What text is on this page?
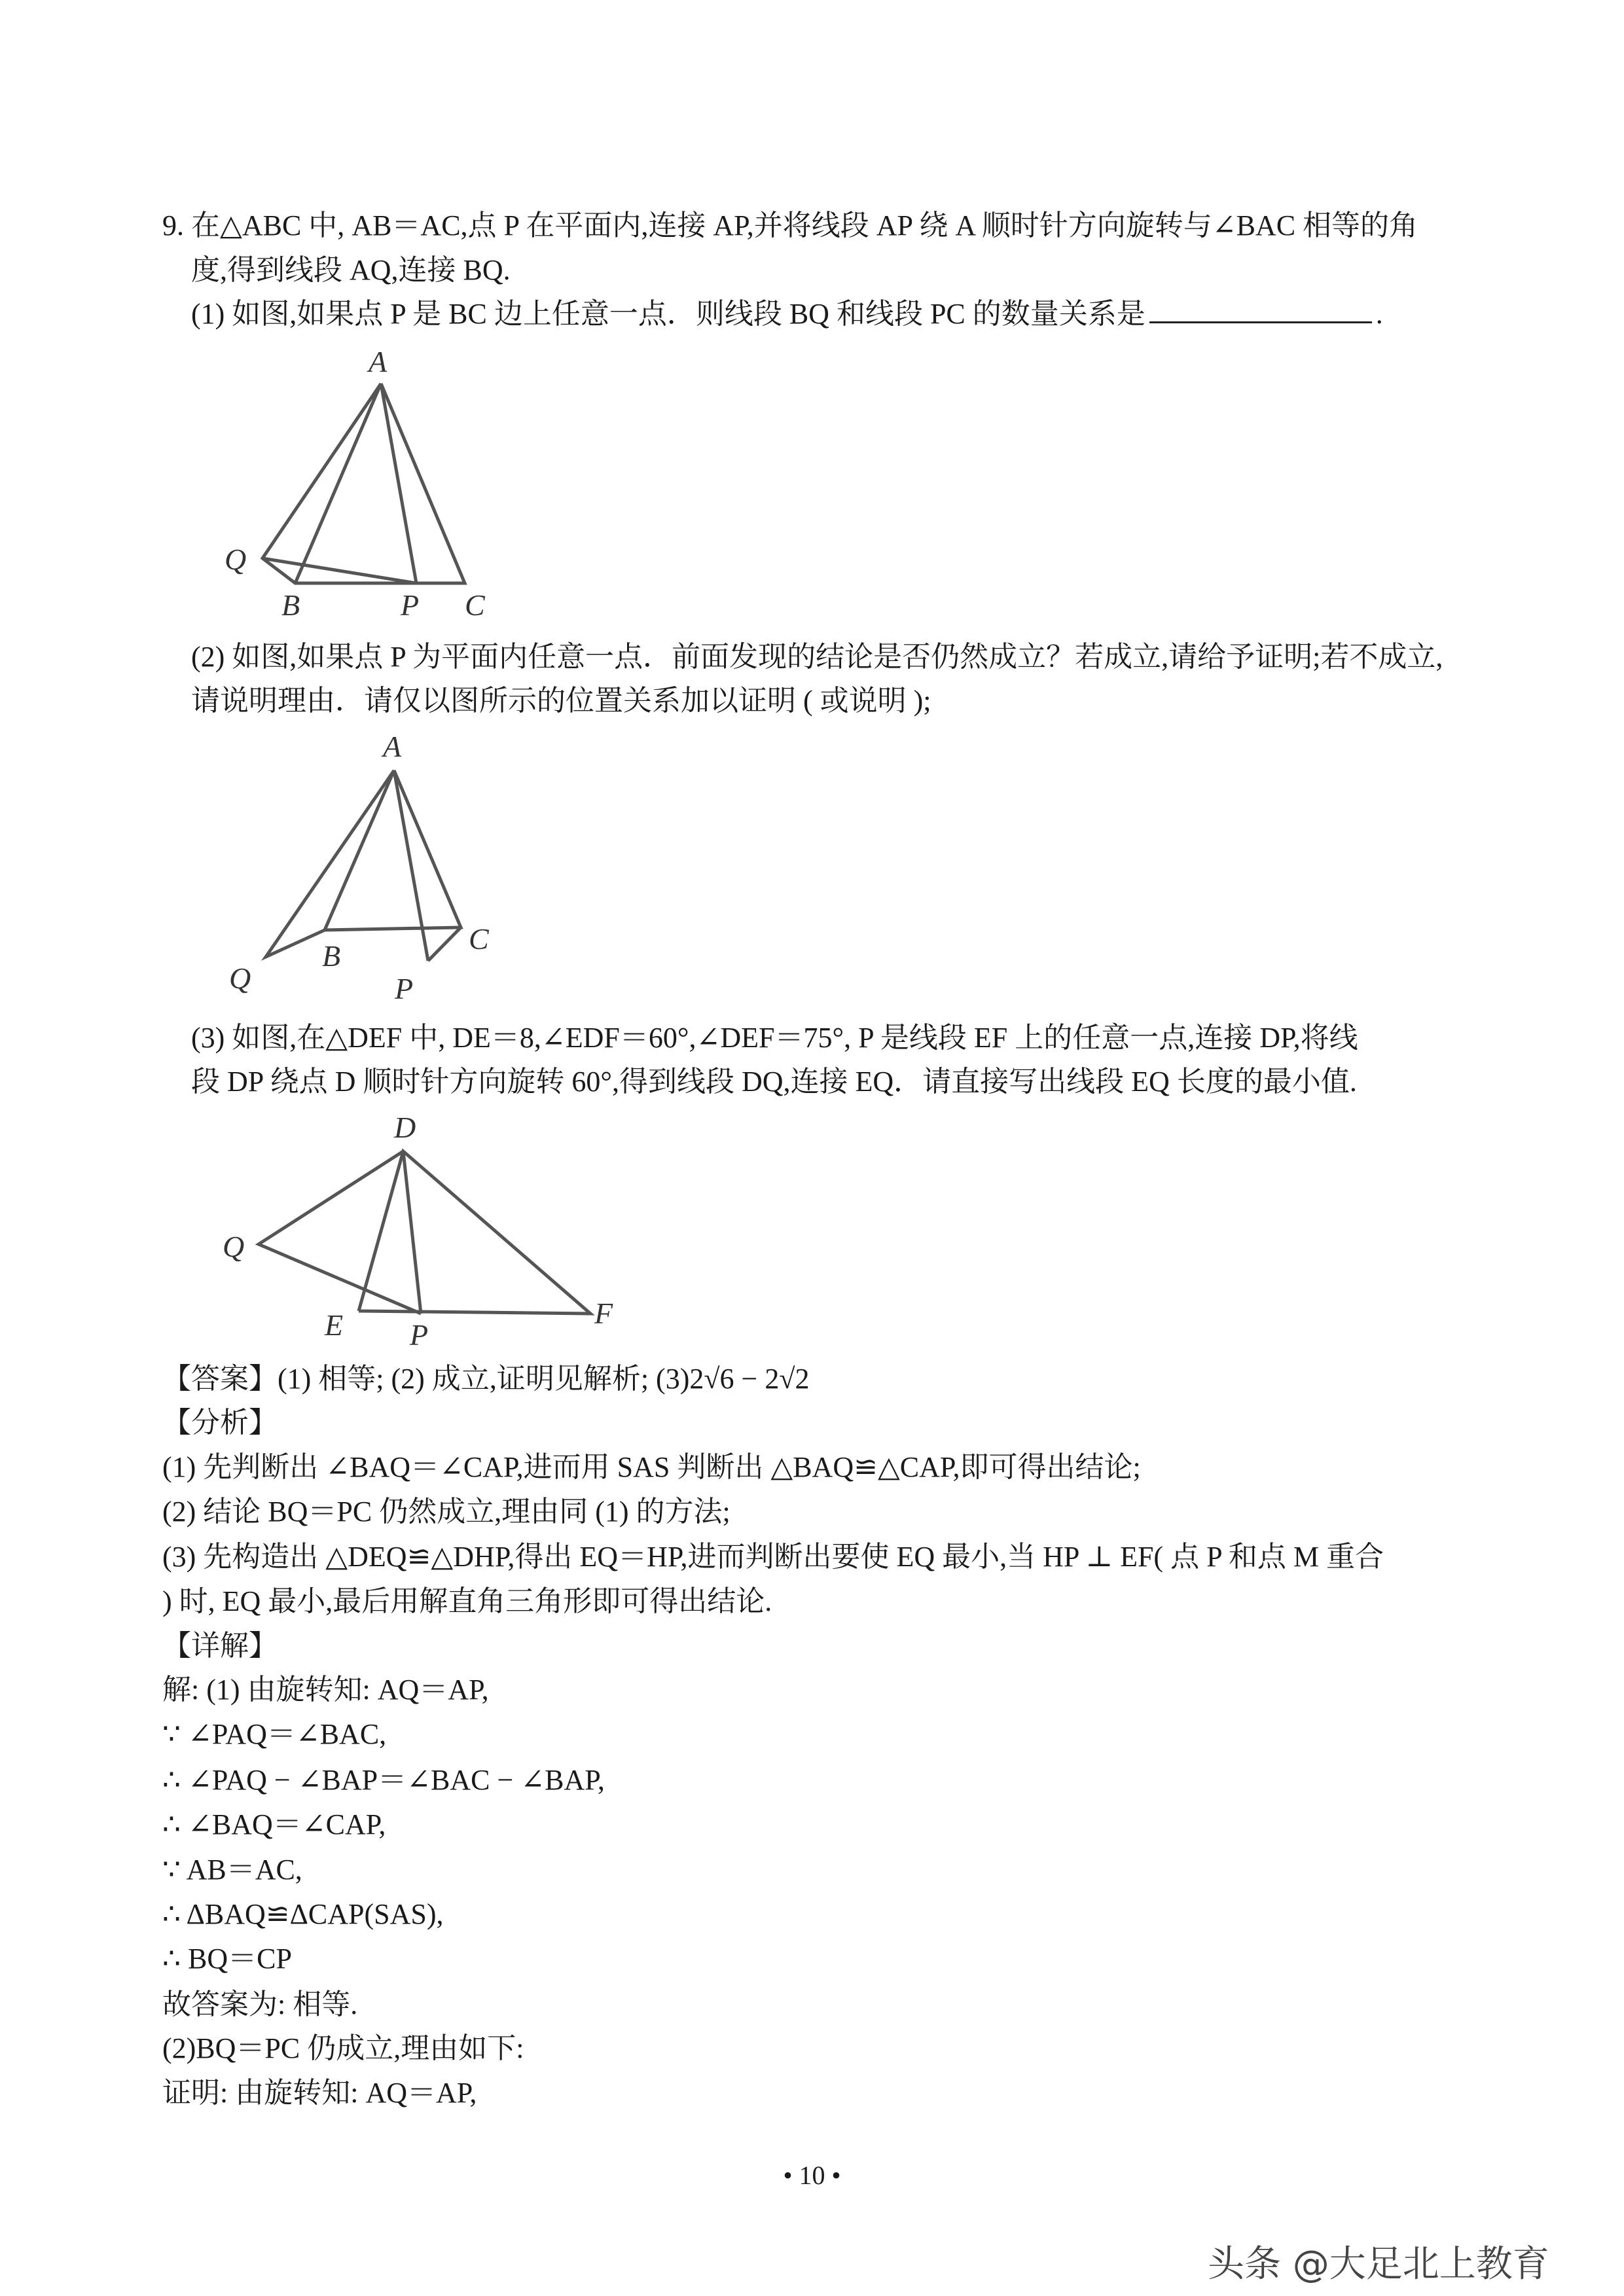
9. 在△ABC 中, AB＝AC,点 P 在平面内,连接 AP,并将线段 AP 绕 A 顺时针方向旋转与∠BAC 相等的角
度,得到线段 AQ,连接 BQ.
(1) 如图,如果点 P 是 BC 边上任意一点．则线段 BQ 和线段 PC 的数量关系是	.
A
Q
B	P C
A
Q
B
P
C
D
Q
E P
F
(2) 如图,如果点 P 为平面内任意一点．前面发现的结论是否仍然成立？若成立,请给予证明;若不成立,
请说明理由．请仅以图所示的位置关系加以证明 ( 或说明 );
(3) 如图,在△DEF 中, DE＝8,∠EDF＝60°,∠DEF＝75°, P 是线段 EF 上的任意一点,连接 DP,将线
段 DP 绕点 D 顺时针方向旋转 60°,得到线段 DQ,连接 EQ．请直接写出线段 EQ 长度的最小值.
【答案】(1) 相等; (2) 成立,证明见解析; (3)2√6 − 2√2
【分析】
(1) 先判断出 ∠BAQ＝∠CAP,进而用 SAS 判断出 △BAQ≌△CAP,即可得出结论;
(2) 结论 BQ＝PC 仍然成立,理由同 (1) 的方法;
(3) 先构造出 △DEQ≌△DHP,得出 EQ＝HP,进而判断出要使 EQ 最小,当 HP ⊥ EF( 点 P 和点 M 重合
) 时, EQ 最小,最后用解直角三角形即可得出结论.
【详解】
解: (1) 由旋转知: AQ＝AP,
∵ ∠PAQ＝∠BAC,
∴ ∠PAQ − ∠BAP＝∠BAC − ∠BAP,
∴ ∠BAQ＝∠CAP,
∵ AB＝AC,
∴ ΔBAQ≌ΔCAP(SAS),
∴ BQ＝CP
故答案为: 相等.
(2)BQ＝PC 仍成立,理由如下:
证明: 由旋转知: AQ＝AP,
• 10 •
头条 @大足北上教育
